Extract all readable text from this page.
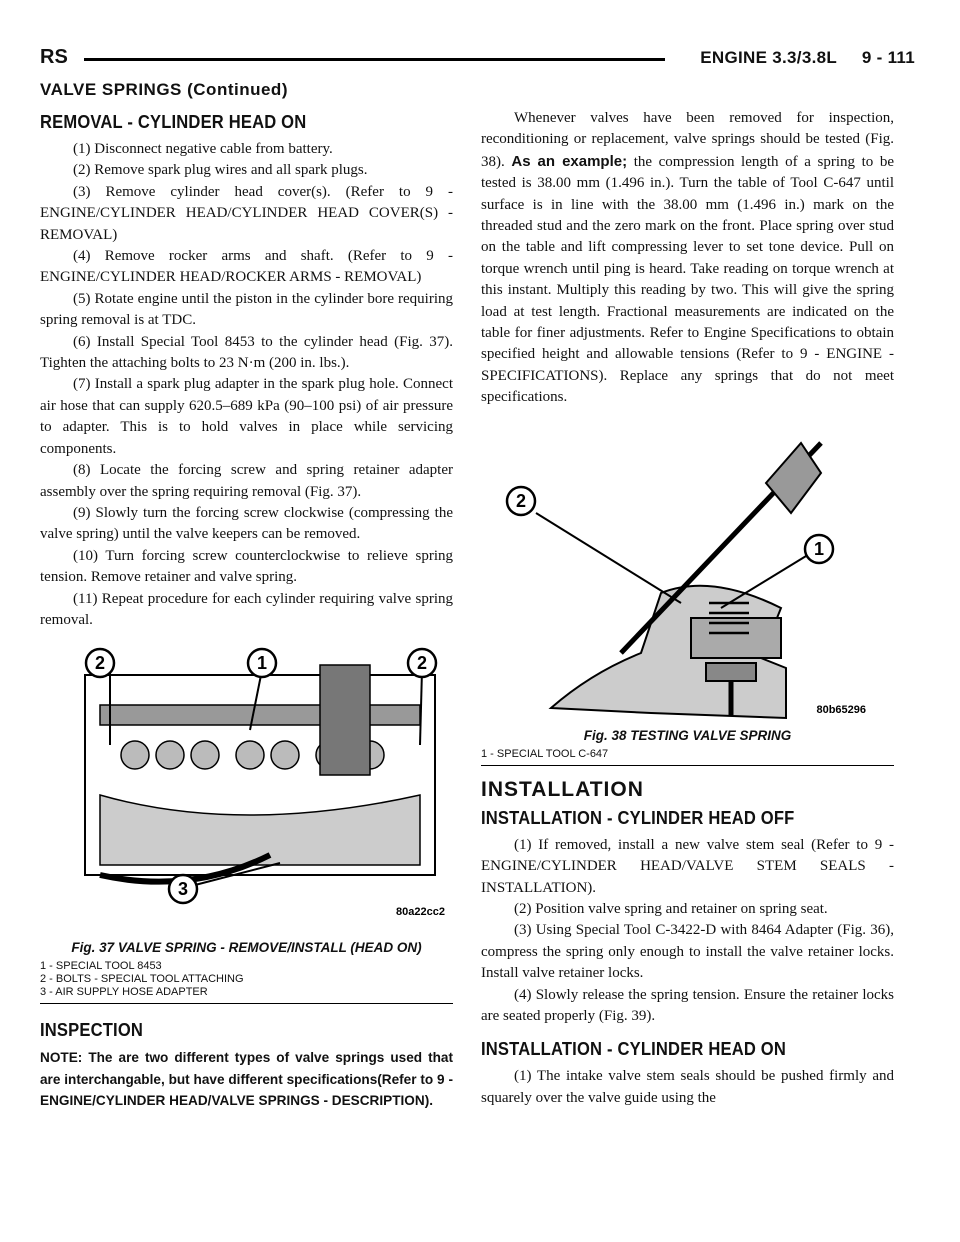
RS	ENGINE 3.3/3.8L     9 - 111
VALVE SPRINGS (Continued)
REMOVAL - CYLINDER HEAD ON

(1) Disconnect negative cable from battery.

(2) Remove spark plug wires and all spark plugs.

(3) Remove cylinder head cover(s). (Refer to 9 - ENGINE/CYLINDER HEAD/CYLINDER HEAD COVER(S) - REMOVAL)

(4) Remove rocker arms and shaft. (Refer to 9 - ENGINE/CYLINDER HEAD/ROCKER ARMS - REMOVAL)

(5) Rotate engine until the piston in the cylinder bore requiring spring removal is at TDC.

(6) Install Special Tool 8453 to the cylinder head (Fig. 37). Tighten the attaching bolts to 23 N·m (200 in. lbs.).

(7) Install a spark plug adapter in the spark plug hole. Connect air hose that can supply 620.5–689 kPa (90–100 psi) of air pressure to adapter. This is to hold valves in place while servicing components.

(8) Locate the forcing screw and spring retainer adapter assembly over the spring requiring removal (Fig. 37).

(9) Slowly turn the forcing screw clockwise (compressing the valve spring) until the valve keepers can be removed.

(10) Turn forcing screw counterclockwise to relieve spring tension. Remove retainer and valve spring.

(11) Repeat procedure for each cylinder requiring valve spring removal.

2	1	2
3
80a22cc2
Fig. 37 VALVE SPRING - REMOVE/INSTALL (HEAD ON)
1 - SPECIAL TOOL 8453
2 - BOLTS - SPECIAL TOOL ATTACHING
3 - AIR SUPPLY HOSE ADAPTER
INSPECTION
NOTE: The are two different types of valve springs used that are interchangable, but have different specifications(Refer to 9 - ENGINE/CYLINDER HEAD/VALVE SPRINGS - DESCRIPTION).

Whenever valves have been removed for inspection, reconditioning or replacement, valve springs should be tested (Fig. 38). As an example; the compression length of a spring to be tested is 38.00 mm (1.496 in.). Turn the table of Tool C-647 until surface is in line with the 38.00 mm (1.496 in.) mark on the threaded stud and the zero mark on the front. Place spring over stud on the table and lift compressing lever to set tone device. Pull on torque wrench until ping is heard. Take reading on torque wrench at this instant. Multiply this reading by two. This will give the spring load at test length. Fractional measurements are indicated on the table for finer adjustments. Refer to Engine Specifications to obtain specified height and allowable tensions (Refer to 9 - ENGINE - SPECIFICATIONS). Replace any springs that do not meet specifications.

2
1
80b65296
Fig. 38 TESTING VALVE SPRING
1 - SPECIAL TOOL C-647
INSTALLATION
INSTALLATION - CYLINDER HEAD OFF

(1) If removed, install a new valve stem seal (Refer to 9 - ENGINE/CYLINDER HEAD/VALVE STEM SEALS - INSTALLATION).

(2) Position valve spring and retainer on spring seat.

(3) Using Special Tool C-3422-D with 8464 Adapter (Fig. 36), compress the spring only enough to install the valve retainer locks. Install valve retainer locks.

(4) Slowly release the spring tension. Ensure the retainer locks are seated properly (Fig. 39).

INSTALLATION - CYLINDER HEAD ON

(1) The intake valve stem seals should be pushed firmly and squarely over the valve guide using the
